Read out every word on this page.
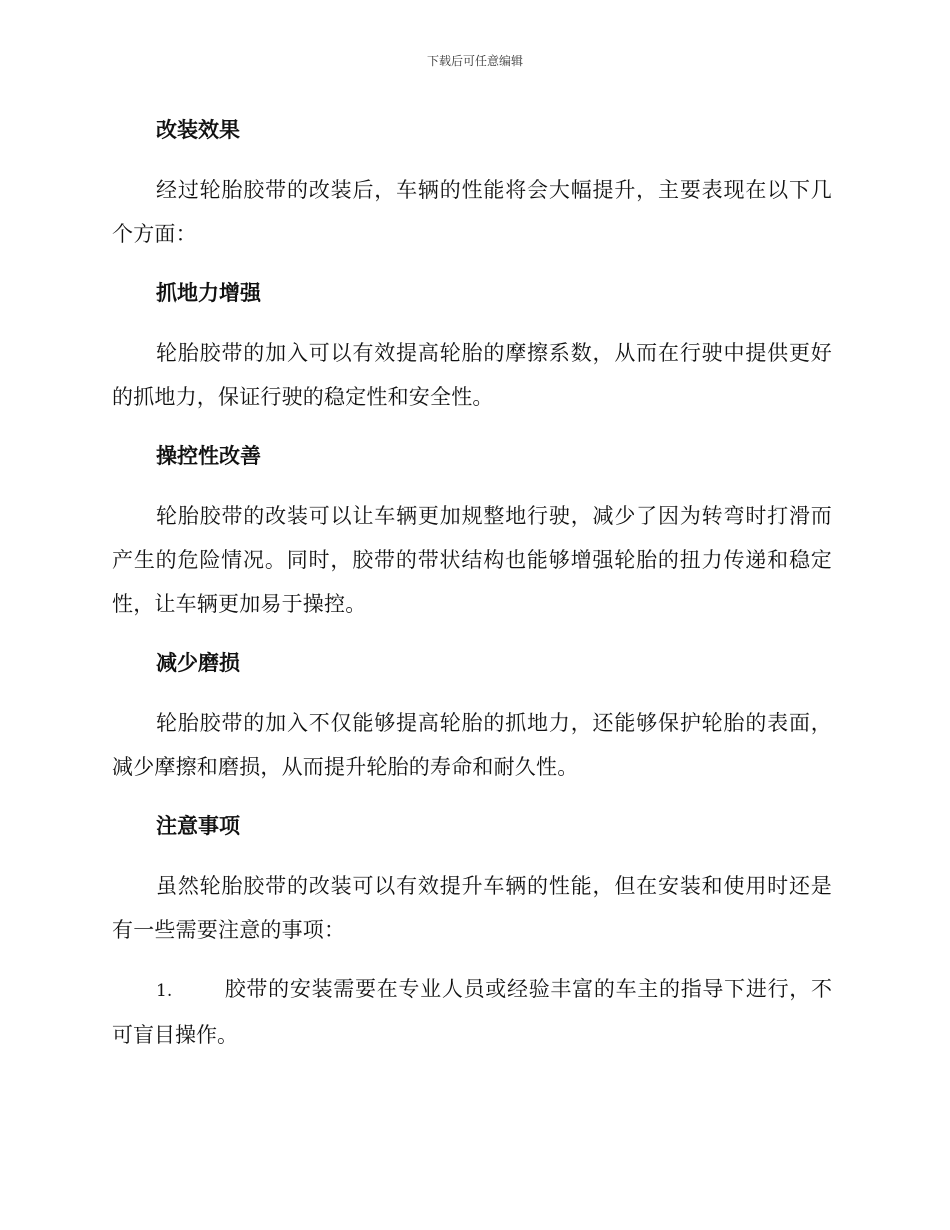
下载后可任意编辑
改装效果

经过轮胎胶带的改装后，车辆的性能将会大幅提升，主要表现在以下几个方面：

抓地力增强

轮胎胶带的加入可以有效提高轮胎的摩擦系数，从而在行驶中提供更好的抓地力，保证行驶的稳定性和安全性。

操控性改善

轮胎胶带的改装可以让车辆更加规整地行驶，减少了因为转弯时打滑而产生的危险情况。同时，胶带的带状结构也能够增强轮胎的扭力传递和稳定性，让车辆更加易于操控。

减少磨损

轮胎胶带的加入不仅能够提高轮胎的抓地力，还能够保护轮胎的表面，减少摩擦和磨损，从而提升轮胎的寿命和耐久性。

注意事项

虽然轮胎胶带的改装可以有效提升车辆的性能，但在安装和使用时还是有一些需要注意的事项：

1. 胶带的安装需要在专业人员或经验丰富的车主的指导下进行，不可盲目操作。
